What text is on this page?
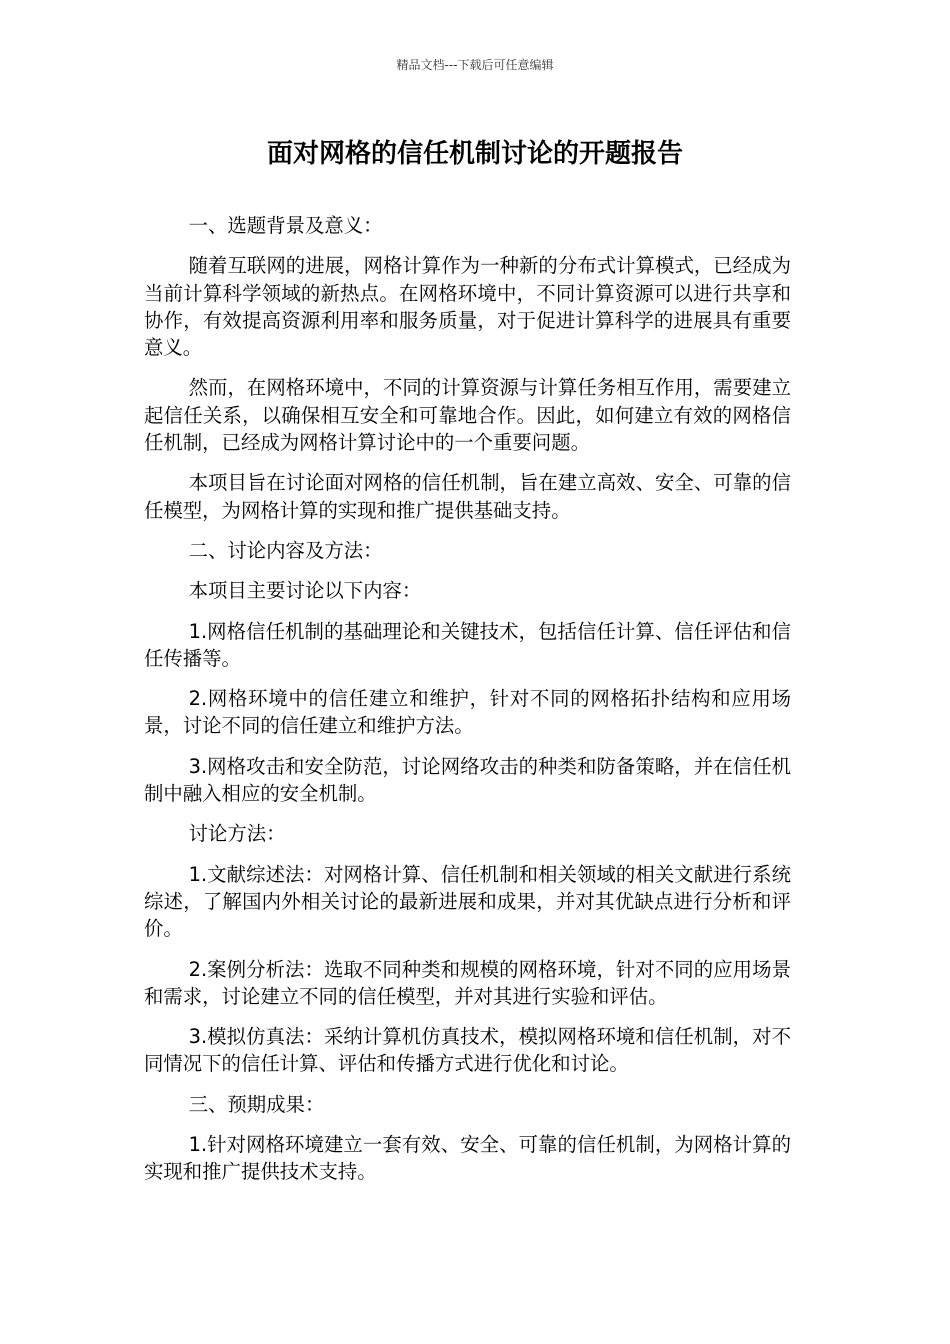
精品文档---下载后可任意编辑
面对网格的信任机制讨论的开题报告

一、选题背景及意义：

随着互联网的进展，网格计算作为一种新的分布式计算模式，已经成为当前计算科学领域的新热点。在网格环境中，不同计算资源可以进行共享和协作，有效提高资源利用率和服务质量，对于促进计算科学的进展具有重要意义。

然而，在网格环境中，不同的计算资源与计算任务相互作用，需要建立起信任关系，以确保相互安全和可靠地合作。因此，如何建立有效的网格信任机制，已经成为网格计算讨论中的一个重要问题。

本项目旨在讨论面对网格的信任机制，旨在建立高效、安全、可靠的信任模型，为网格计算的实现和推广提供基础支持。

二、讨论内容及方法：

本项目主要讨论以下内容：

1.网格信任机制的基础理论和关键技术，包括信任计算、信任评估和信任传播等。

2.网格环境中的信任建立和维护，针对不同的网格拓扑结构和应用场景，讨论不同的信任建立和维护方法。

3.网格攻击和安全防范，讨论网络攻击的种类和防备策略，并在信任机制中融入相应的安全机制。

讨论方法：

1.文献综述法：对网格计算、信任机制和相关领域的相关文献进行系统综述，了解国内外相关讨论的最新进展和成果，并对其优缺点进行分析和评价。

2.案例分析法：选取不同种类和规模的网格环境，针对不同的应用场景和需求，讨论建立不同的信任模型，并对其进行实验和评估。

3.模拟仿真法：采纳计算机仿真技术，模拟网格环境和信任机制，对不同情况下的信任计算、评估和传播方式进行优化和讨论。

三、预期成果：

1.针对网格环境建立一套有效、安全、可靠的信任机制，为网格计算的实现和推广提供技术支持。
